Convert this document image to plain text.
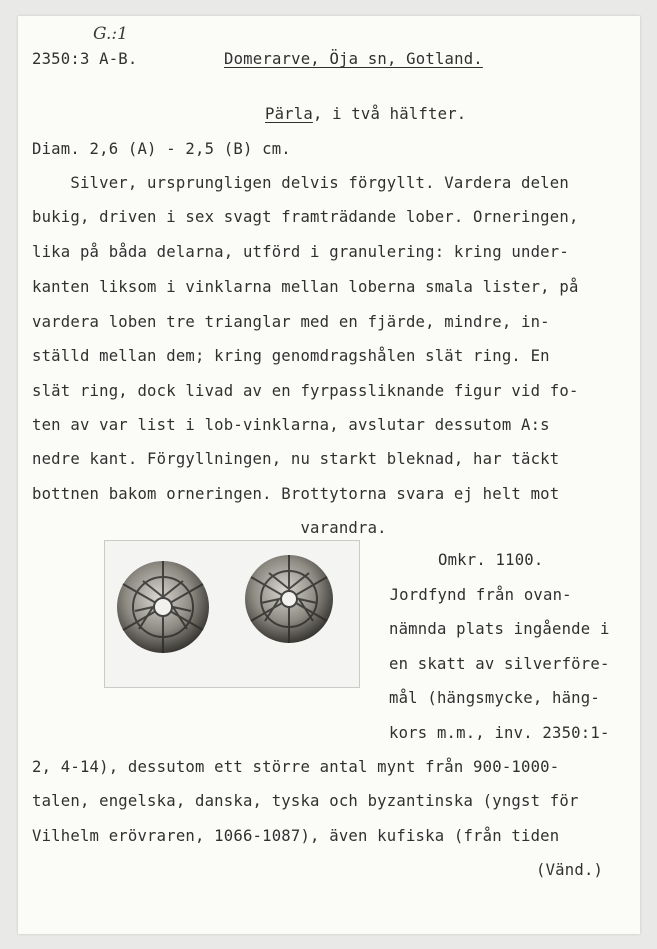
G.:1
2350:3 A-B.	Domerarve, Öja sn, Gotland.
Pärla, i två hälfter.
Diam. 2,6 (A) - 2,5 (B) cm.
Silver, ursprungligen delvis förgyllt. Vardera delen
bukig, driven i sex svagt framträdande lober. Orneringen,
lika på båda delarna, utförd i granulering: kring under-
kanten liksom i vinklarna mellan loberna smala lister, på
vardera loben tre trianglar med en fjärde, mindre, in-
ställd mellan dem; kring genomdragshålen slät ring. En
slät ring, dock livad av en fyrpassliknande figur vid fo-
ten av var list i lob-vinklarna, avslutar dessutom A:s
nedre kant. Förgyllningen, nu starkt bleknad, har täckt
bottnen bakom orneringen. Brottytorna svara ej helt mot
varandra.
Omkr. 1100.
Jordfynd från ovan-
nämnda plats ingående i
en skatt av silverföre-
mål (hängsmycke, häng-
kors m.m., inv. 2350:1-
2, 4-14), dessutom ett större antal mynt från 900-1000-
talen, engelska, danska, tyska och byzantinska (yngst för
Vilhelm erövraren, 1066-1087), även kufiska (från tiden
(Vänd.)
